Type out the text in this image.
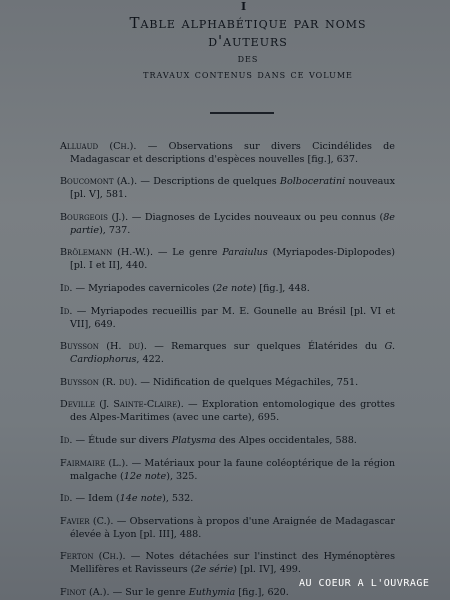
I
Table alphabétique par noms d'auteurs
des
travaux contenus dans ce volume

Alluaud (Ch.). — Observations sur divers Cicindélides de Madagascar et descriptions d'espèces nouvelles [fig.], 637.

Boucomont (A.). — Descriptions de quelques Bolboceratini nouveaux [pl. V], 581.

Bourgeois (J.). — Diagnoses de Lycides nouveaux ou peu connus (8e partie), 737.

Brölemann (H.-W.). — Le genre Paraiulus (Myriapodes-Diplopodes) [pl. I et II], 440.

Id. — Myriapodes cavernicoles (2e note) [fig.], 448.

Id. — Myriapodes recueillis par M. E. Gounelle au Brésil [pl. VI et VII], 649.

Buysson (H. du). — Remarques sur quelques Élatérides du G. Cardiophorus, 422.

Buysson (R. du). — Nidification de quelques Mégachiles, 751.

Deville (J. Sainte-Claire). — Exploration entomologique des grottes des Alpes-Maritimes (avec une carte), 695.

Id. — Étude sur divers Platysma des Alpes occidentales, 588.

Fairmaire (L.). — Matériaux pour la faune coléoptérique de la région malgache (12e note), 325.

Id. — Idem (14e note), 532.

Favier (C.). — Observations à propos d'une Araignée de Madagascar élevée à Lyon [pl. III], 488.

Ferton (Ch.). — Notes détachées sur l'instinct des Hyménoptères Mellifères et Ravisseurs (2e série) [pl. IV], 499.

Finot (A.). — Sur le genre Euthymia [fig.], 620.

AU COEUR A L'OUVRAGE
